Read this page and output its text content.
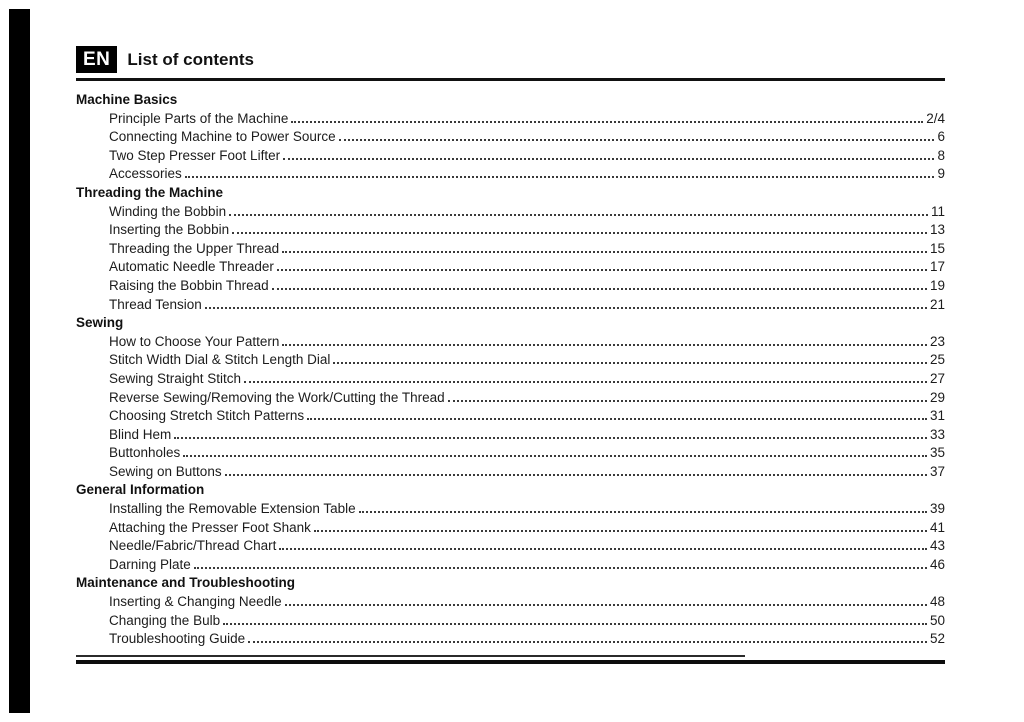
EN	List of contents
Machine Basics
Principle Parts of the Machine	2/4
Connecting Machine to Power Source	6
Two Step Presser Foot Lifter	8
Accessories	9
Threading the Machine
Winding the Bobbin	11
Inserting the Bobbin	13
Threading the Upper Thread	15
Automatic Needle Threader	17
Raising the Bobbin Thread	19
Thread Tension	21
Sewing
How to Choose Your Pattern	23
Stitch Width Dial & Stitch Length Dial	25
Sewing Straight Stitch	27
Reverse Sewing/Removing the Work/Cutting the Thread	29
Choosing Stretch Stitch Patterns	31
Blind Hem	33
Buttonholes	35
Sewing on Buttons	37
General Information
Installing the Removable Extension Table	39
Attaching the Presser Foot Shank	41
Needle/Fabric/Thread Chart	43
Darning Plate	46
Maintenance and Troubleshooting
Inserting & Changing Needle	48
Changing the Bulb	50
Troubleshooting Guide	52
